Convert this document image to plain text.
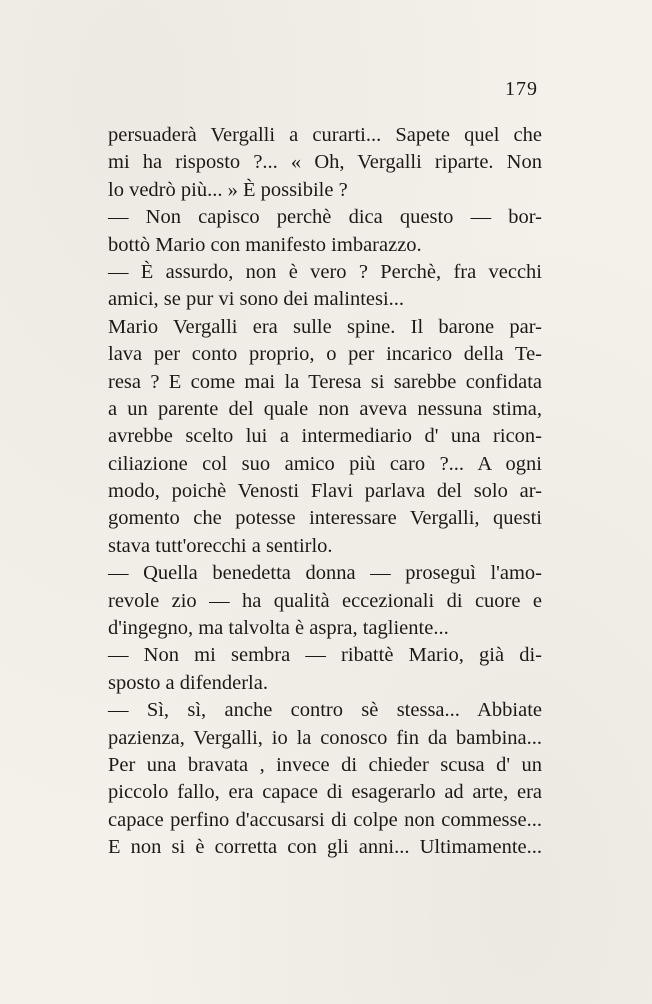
179
persuaderà Vergalli a curarti... Sapete quel che
mi ha risposto ?... « Oh, Vergalli riparte. Non
lo vedrò più... » È possibile ?
— Non capisco perchè dica questo — bor-
bottò Mario con manifesto imbarazzo.
— È assurdo, non è vero ? Perchè, fra vecchi
amici, se pur vi sono dei malintesi...
Mario Vergalli era sulle spine. Il barone par-
lava per conto proprio, o per incarico della Te-
resa ? E come mai la Teresa si sarebbe confidata
a un parente del quale non aveva nessuna stima,
avrebbe scelto lui a intermediario d' una ricon-
ciliazione col suo amico più caro ?... A ogni
modo, poichè Venosti Flavi parlava del solo ar-
gomento che potesse interessare Vergalli, questi
stava tutt'orecchi a sentirlo.
— Quella benedetta donna — proseguì l'amo-
revole zio — ha qualità eccezionali di cuore e
d'ingegno, ma talvolta è aspra, tagliente...
— Non mi sembra — ribattè Mario, già di-
sposto a difenderla.
— Sì, sì, anche contro sè stessa... Abbiate
pazienza, Vergalli, io la conosco fin da bambina...
Per una bravata , invece di chieder scusa d' un
piccolo fallo, era capace di esagerarlo ad arte, era
capace perfino d'accusarsi di colpe non commesse...
E non si è corretta con gli anni... Ultimamente...
